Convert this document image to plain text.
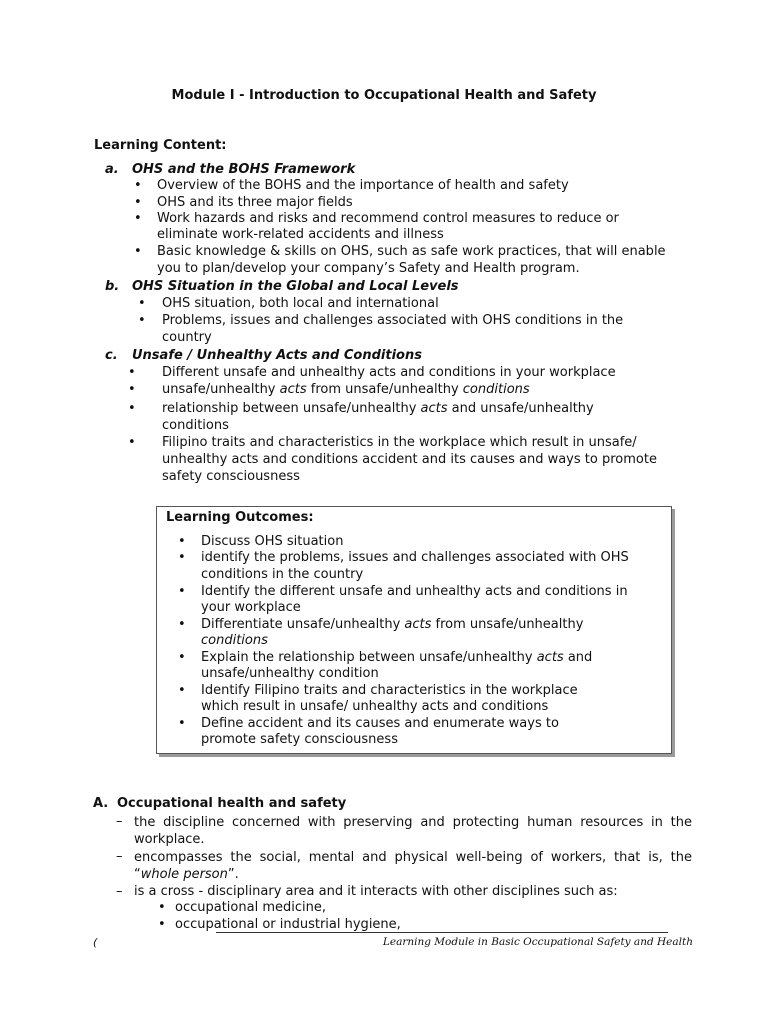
Module I - Introduction to Occupational Health and Safety
Learning Content:
a. OHS and the BOHS Framework
• Overview of the BOHS and the importance of health and safety
• OHS and its three major fields
• Work hazards and risks and recommend control measures to reduce or
eliminate work-related accidents and illness
• Basic knowledge & skills on OHS, such as safe work practices, that will enable
you to plan/develop your company’s Safety and Health program.
b. OHS Situation in the Global and Local Levels
• OHS situation, both local and international
• Problems, issues and challenges associated with OHS conditions in the
country
c. Unsafe / Unhealthy Acts and Conditions
• Different unsafe and unhealthy acts and conditions in your workplace
• unsafe/unhealthy acts from unsafe/unhealthy conditions
• relationship between unsafe/unhealthy acts and unsafe/unhealthy
conditions
• Filipino traits and characteristics in the workplace which result in unsafe/
unhealthy acts and conditions accident and its causes and ways to promote
safety consciousness
Learning Outcomes:
• Discuss OHS situation
• identify the problems, issues and challenges associated with OHS
conditions in the country
• Identify the different unsafe and unhealthy acts and conditions in
your workplace
• Differentiate unsafe/unhealthy acts from unsafe/unhealthy
conditions
• Explain the relationship between unsafe/unhealthy acts and
unsafe/unhealthy condition
• Identify Filipino traits and characteristics in the workplace
which result in unsafe/ unhealthy acts and conditions
• Define accident and its causes and enumerate ways to
promote safety consciousness
A. Occupational health and safety
– the discipline concerned with preserving and protecting human resources in the workplace.
– encompasses the social, mental and physical well-being of workers, that is, the “whole person”.
– is a cross - disciplinary area and it interacts with other disciplines such as:
• occupational medicine,
• occupational or industrial hygiene,
(	Learning Module in Basic Occupational Safety and Health
